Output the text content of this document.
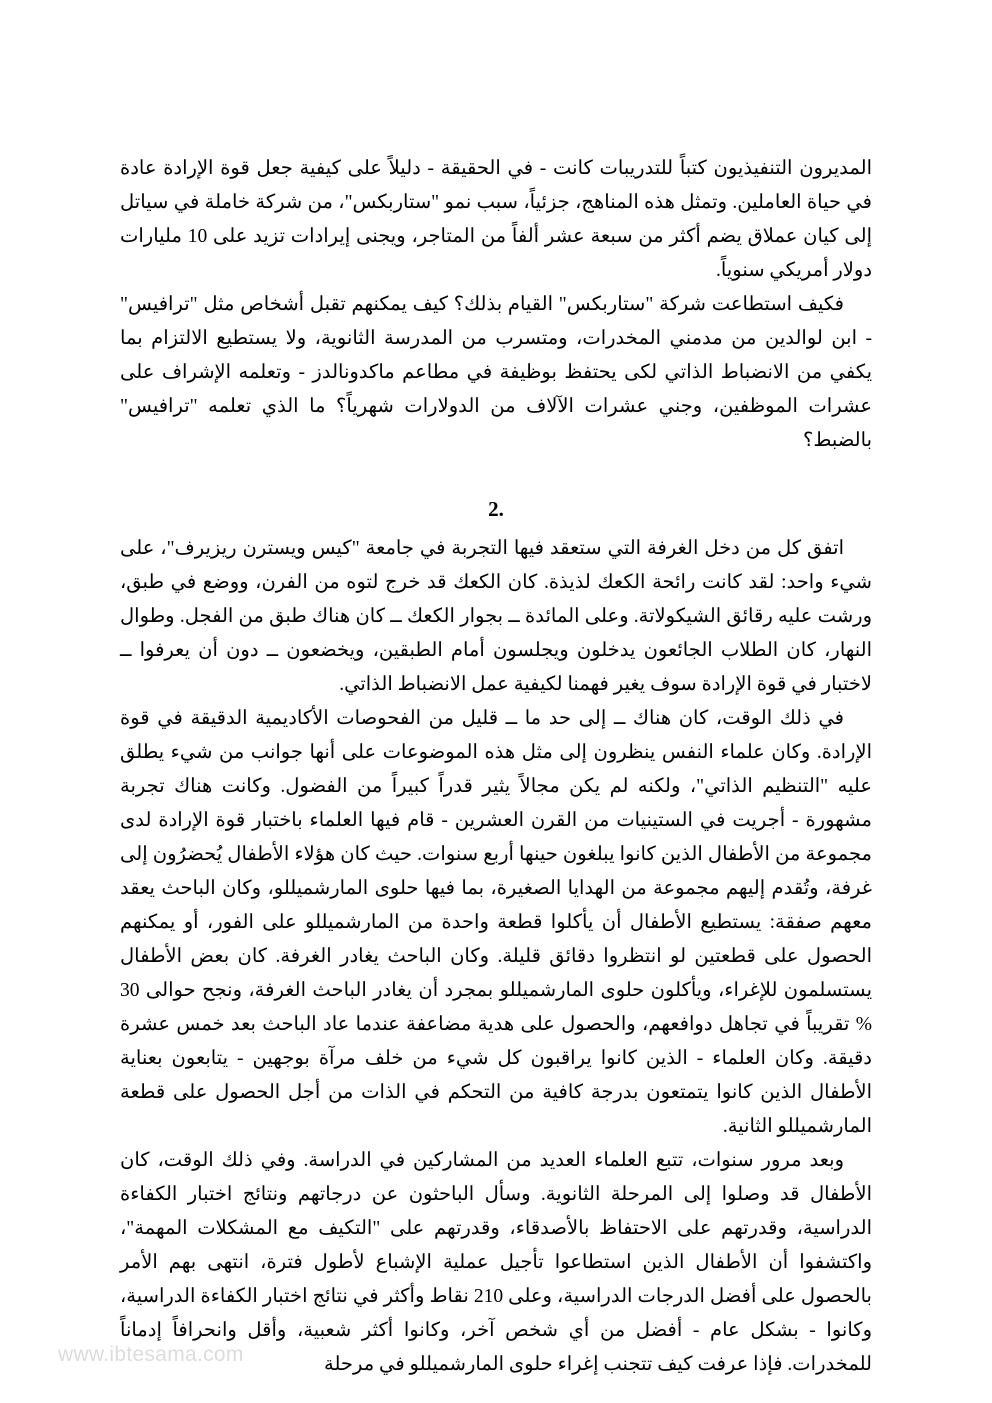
المديرون التنفيذيون كتباً للتدريبات كانت - في الحقيقة - دليلاً على كيفية جعل قوة الإرادة عادة في حياة العاملين. وتمثل هذه المناهج، جزئياً، سبب نمو "ستاربكس"، من شركة خاملة في سياتل إلى كيان عملاق يضم أكثر من سبعة عشر ألفاً من المتاجر، ويجنى إيرادات تزيد على 10 مليارات دولار أمريكي سنوياً.

فكيف استطاعت شركة "ستاربكس" القيام بذلك؟ كيف يمكنهم تقبل أشخاص مثل "ترافيس" - ابن لوالدين من مدمني المخدرات، ومتسرب من المدرسة الثانوية، ولا يستطيع الالتزام بما يكفي من الانضباط الذاتي لكى يحتفظ بوظيفة في مطاعم ماكدونالدز - وتعلمه الإشراف على عشرات الموظفين، وجني عشرات الآلاف من الدولارات شهرياً؟ ما الذي تعلمه "ترافيس" بالضبط؟

.2

اتفق كل من دخل الغرفة التي ستعقد فيها التجربة في جامعة "كيس ويسترن ريزيرف"، على شيء واحد: لقد كانت رائحة الكعك لذيذة. كان الكعك قد خرج لتوه من الفرن، ووضع في طبق، ورشت عليه رقائق الشيكولاتة. وعلى المائدة ــ بجوار الكعك ــ كان هناك طبق من الفجل. وطوال النهار، كان الطلاب الجائعون يدخلون ويجلسون أمام الطبقين، ويخضعون ــ دون أن يعرفوا ــ لاختبار في قوة الإرادة سوف يغير فهمنا لكيفية عمل الانضباط الذاتي.

في ذلك الوقت، كان هناك ــ إلى حد ما ــ قليل من الفحوصات الأكاديمية الدقيقة في قوة الإرادة. وكان علماء النفس ينظرون إلى مثل هذه الموضوعات على أنها جوانب من شيء يطلق عليه "التنظيم الذاتي"، ولكنه لم يكن مجالاً يثير قدراً كبيراً من الفضول. وكانت هناك تجربة مشهورة - أجريت في الستينيات من القرن العشرين - قام فيها العلماء باختبار قوة الإرادة لدى مجموعة من الأطفال الذين كانوا يبلغون حينها أربع سنوات. حيث كان هؤلاء الأطفال يُحضرُون إلى غرفة، وتُقدم إليهم مجموعة من الهدايا الصغيرة، بما فيها حلوى المارشميللو، وكان الباحث يعقد معهم صفقة: يستطيع الأطفال أن يأكلوا قطعة واحدة من المارشميللو على الفور، أو يمكنهم الحصول على قطعتين لو انتظروا دقائق قليلة. وكان الباحث يغادر الغرفة. كان بعض الأطفال يستسلمون للإغراء، ويأكلون حلوى المارشميللو بمجرد أن يغادر الباحث الغرفة، ونجح حوالى 30 % تقريباً في تجاهل دوافعهم، والحصول على هدية مضاعفة عندما عاد الباحث بعد خمس عشرة دقيقة. وكان العلماء - الذين كانوا يراقبون كل شيء من خلف مرآة بوجهين - يتابعون بعناية الأطفال الذين كانوا يتمتعون بدرجة كافية من التحكم في الذات من أجل الحصول على قطعة المارشميللو الثانية.

وبعد مرور سنوات، تتبع العلماء العديد من المشاركين في الدراسة. وفي ذلك الوقت، كان الأطفال قد وصلوا إلى المرحلة الثانوية. وسأل الباحثون عن درجاتهم ونتائج اختبار الكفاءة الدراسية، وقدرتهم على الاحتفاظ بالأصدقاء، وقدرتهم على "التكيف مع المشكلات المهمة"، واكتشفوا أن الأطفال الذين استطاعوا تأجيل عملية الإشباع لأطول فترة، انتهى بهم الأمر بالحصول على أفضل الدرجات الدراسية، وعلى 210 نقاط وأكثر في نتائج اختبار الكفاءة الدراسية، وكانوا - بشكل عام - أفضل من أي شخص آخر، وكانوا أكثر شعبية، وأقل وانحرافاً إدماناً للمخدرات. فإذا عرفت كيف تتجنب إغراء حلوى المارشميللو في مرحلة

www.ibtesama.com
